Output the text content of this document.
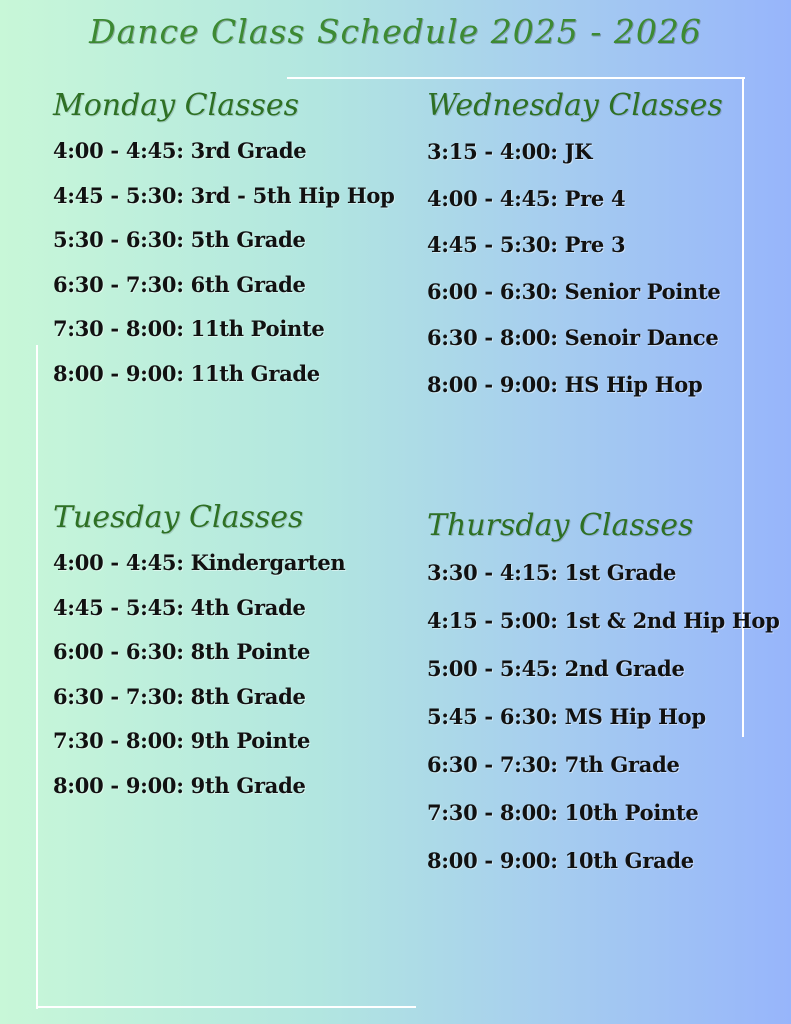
Dance Class Schedule 2025 - 2026
Monday Classes
4:00 - 4:45: 3rd Grade
4:45 - 5:30: 3rd - 5th Hip Hop
5:30 - 6:30: 5th Grade
6:30 - 7:30: 6th Grade
7:30 - 8:00: 11th Pointe
8:00 - 9:00: 11th Grade
Tuesday Classes
4:00 - 4:45: Kindergarten
4:45 - 5:45: 4th Grade
6:00 - 6:30: 8th Pointe
6:30 - 7:30: 8th Grade
7:30 - 8:00: 9th Pointe
8:00 - 9:00: 9th Grade
Wednesday Classes
3:15 - 4:00: JK
4:00 - 4:45: Pre 4
4:45 - 5:30: Pre 3
6:00 - 6:30: Senior Pointe
6:30 - 8:00: Senoir Dance
8:00 - 9:00: HS Hip Hop
Thursday Classes
3:30 - 4:15: 1st Grade
4:15 - 5:00: 1st & 2nd Hip Hop
5:00 - 5:45: 2nd Grade
5:45 - 6:30: MS Hip Hop
6:30 - 7:30: 7th Grade
7:30 - 8:00: 10th Pointe
8:00 - 9:00: 10th Grade
